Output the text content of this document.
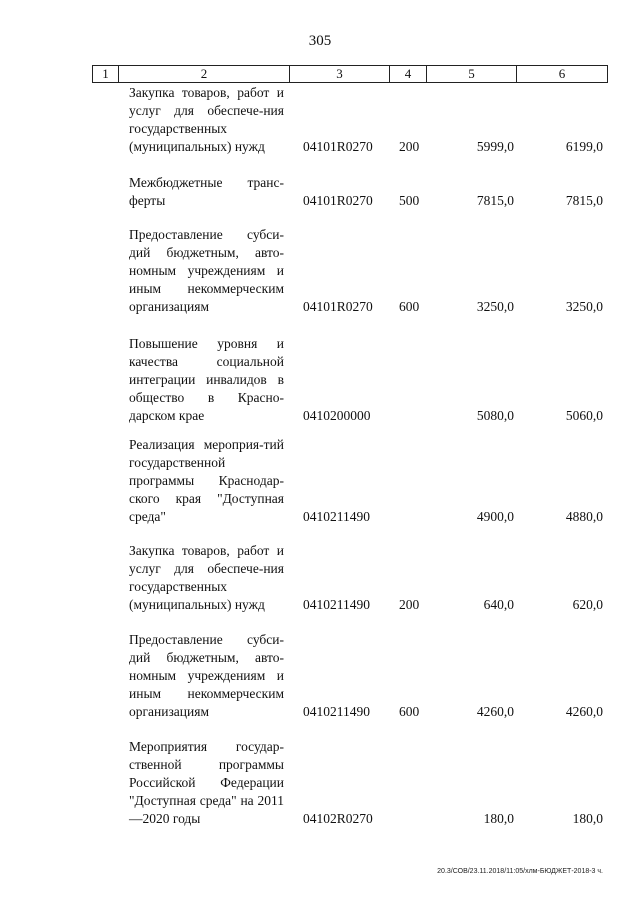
305
1	2	3	4	5	6
Закупка товаров, работ и услуг для обеспече-ния государственных (муниципальных) нужд	04101R0270 200	5999,0	6199,0
Межбюджетные транс-ферты	04101R0270 500	7815,0	7815,0
Предоставление субси-дий бюджетным, авто-номным учреждениям и иным некоммерческим организациям	04101R0270 600	3250,0	3250,0
Повышение уровня и качества социальной интеграции инвалидов в общество в Красно-дарском крае	0410200000	5080,0	5060,0
Реализация мероприя-тий государственной программы Краснодар-ского края "Доступная среда"	0410211490	4900,0	4880,0
Закупка товаров, работ и услуг для обеспече-ния государственных (муниципальных) нужд	0410211490 200	640,0	620,0
Предоставление субси-дий бюджетным, авто-номным учреждениям и иным некоммерческим организациям	0410211490 600	4260,0	4260,0
Мероприятия государ-ственной программы Российской Федерации "Доступная среда" на 2011—2020 годы	04102R0270	180,0	180,0
20.3/СОВ/23.11.2018/11:05/хлм-БЮДЖЕТ-2018-3 ч.
